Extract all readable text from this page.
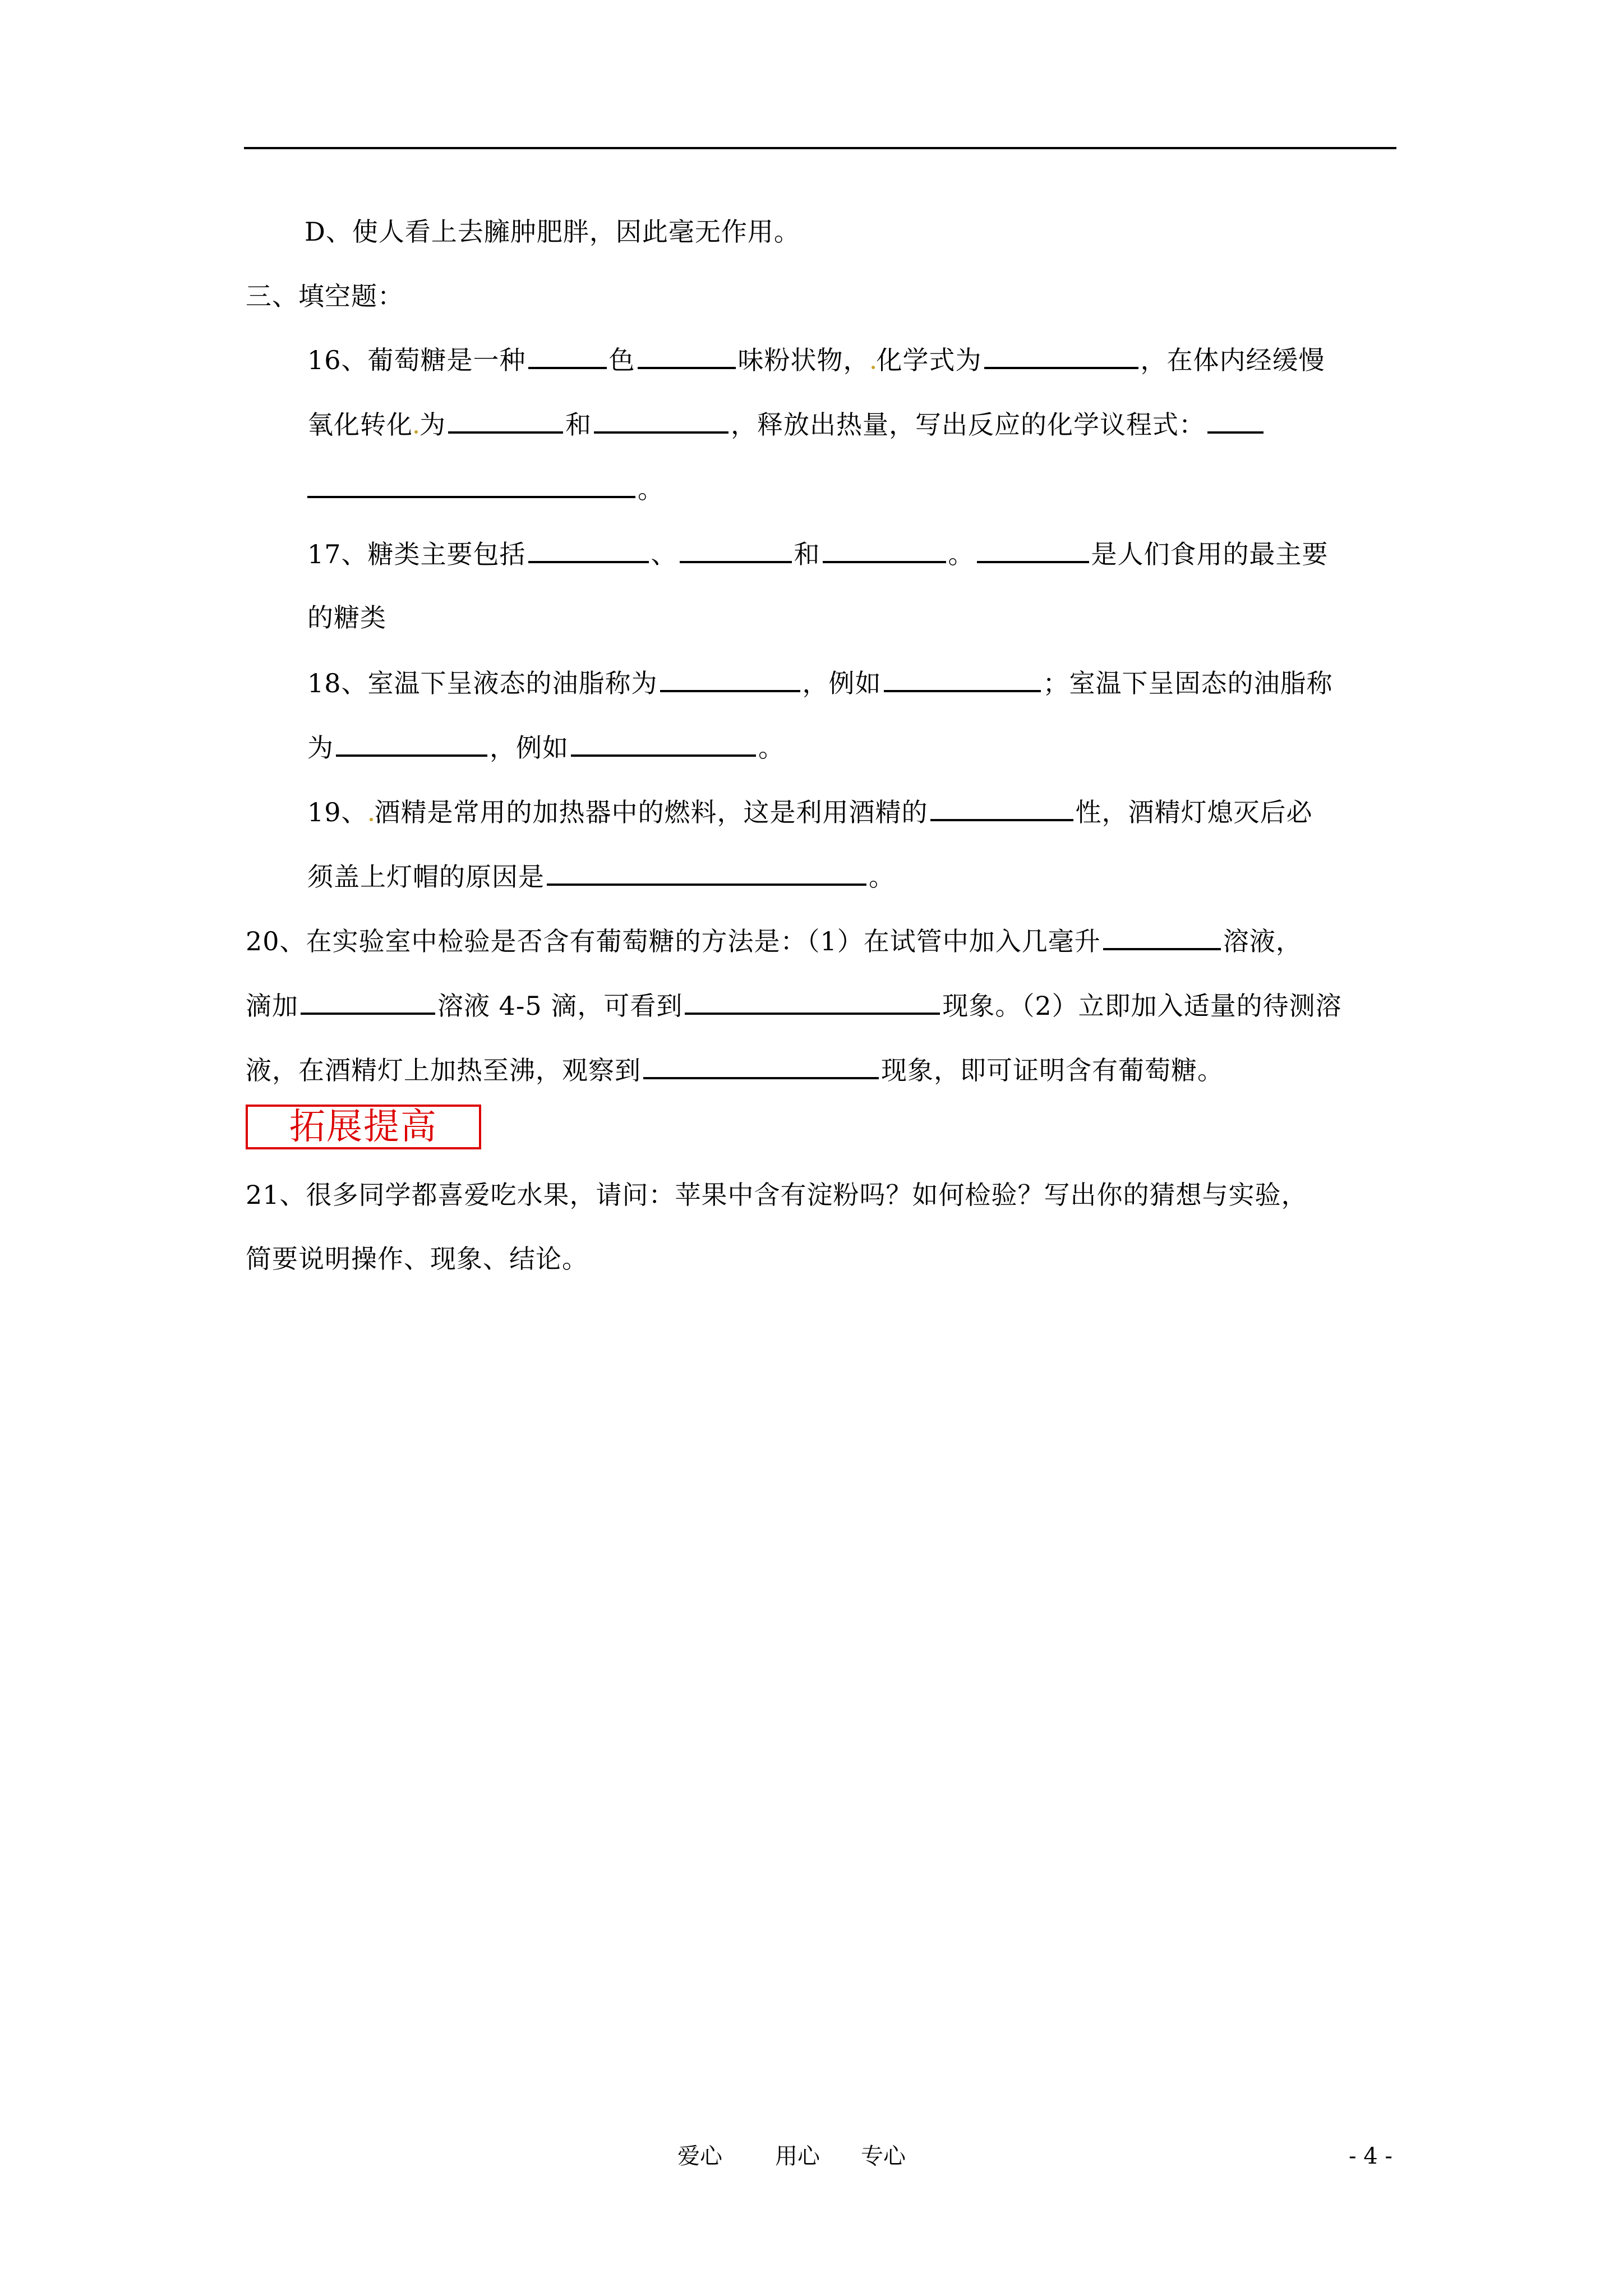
D、使人看上去臃肿肥胖，因此毫无作用。
三、填空题：
16、葡萄糖是一种	色	味粉状物， 化学式为	，在体内经缓慢
氧化转化 为	和	，释放出热量，写出反应的化学议程式：
。
17、糖类主要包括	、	和	。	是人们食用的最主要
的糖类
18、室温下呈液态的油脂称为	，例如	；室温下呈固态的油脂称
为	，例如	。
19、 酒精是常用的加热器中的燃料，这是利用酒精的	性，酒精灯熄灭后必
须盖上灯帽的原因是	。
20、在实验室中检验是否含有葡萄糖的方法是：（1）在试管中加入几毫升	溶液，
滴加	溶液 4-5 滴，可看到	现象。（2）立即加入适量的待测溶
液，在酒精灯上加热至沸，观察到	现象，即可证明含有葡萄糖。
拓展提高
21、很多同学都喜爱吃水果，请问：苹果中含有淀粉吗？如何检验？写出你的猜想与实验，
简要说明操作、现象、结论。
爱心 用心 专心	- 4 -
